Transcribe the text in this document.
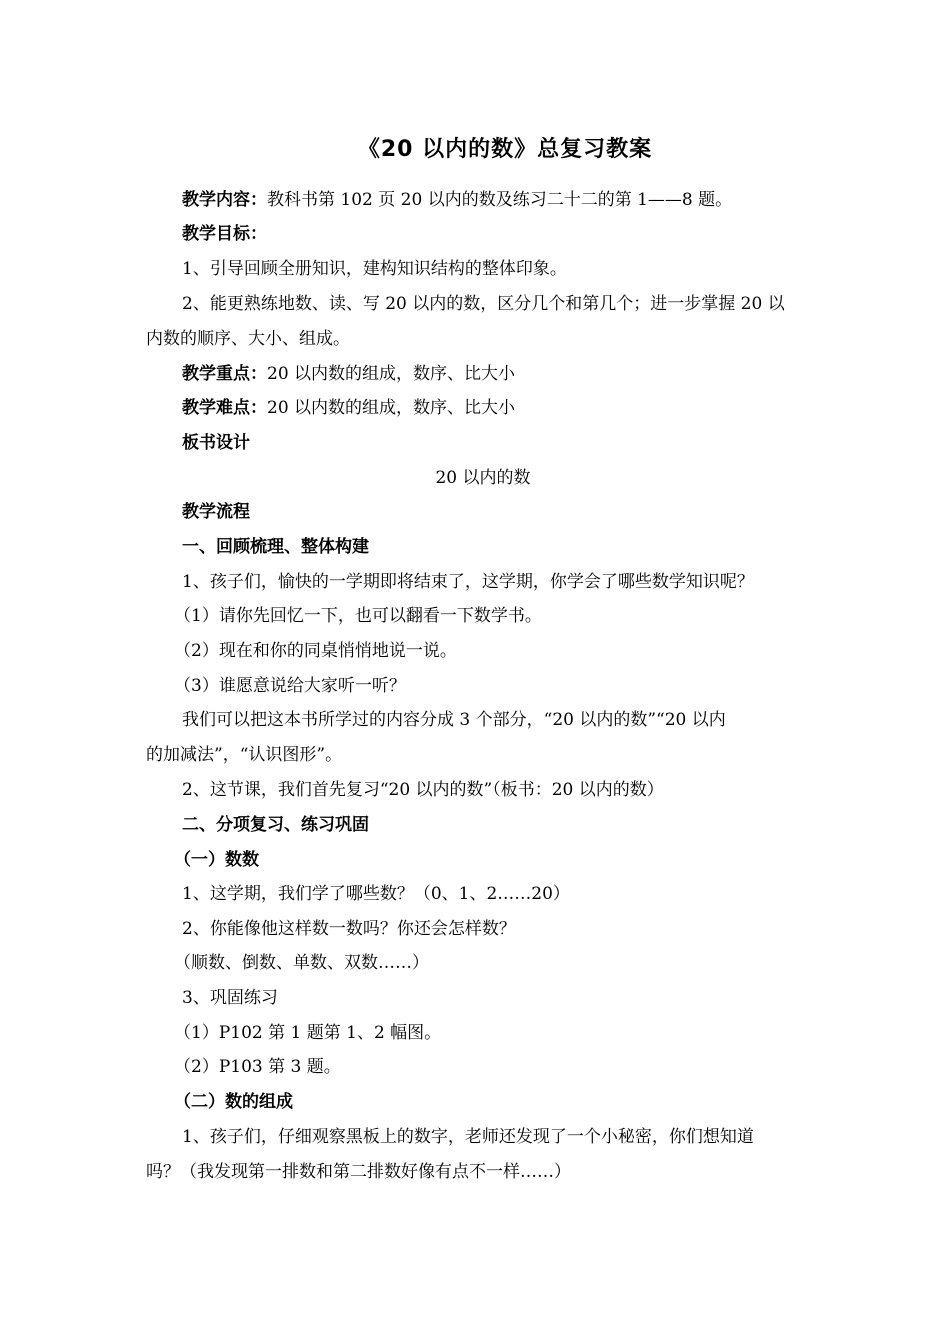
《20 以内的数》总复习教案
教学内容：教科书第 102 页 20 以内的数及练习二十二的第 1——8 题。
教学目标：
1、引导回顾全册知识，建构知识结构的整体印象。
2、能更熟练地数、读、写 20 以内的数，区分几个和第几个；进一步掌握 20 以
内数的顺序、大小、组成。
教学重点：20 以内数的组成，数序、比大小
教学难点：20 以内数的组成，数序、比大小
板书设计
20 以内的数
教学流程
一、回顾梳理、整体构建
1、孩子们，愉快的一学期即将结束了，这学期，你学会了哪些数学知识呢？
（1）请你先回忆一下，也可以翻看一下数学书。
（2）现在和你的同桌悄悄地说一说。
（3）谁愿意说给大家听一听？
我们可以把这本书所学过的内容分成 3 个部分，“20 以内的数”“20 以内
的加减法”，“认识图形”。
2、这节课，我们首先复习“20 以内的数”（板书：20 以内的数）
二、分项复习、练习巩固
（一）数数
1、这学期，我们学了哪些数？（0、1、2……20）
2、你能像他这样数一数吗？你还会怎样数？
（顺数、倒数、单数、双数……）
3、巩固练习
（1）P102 第 1 题第 1、2 幅图。
（2）P103 第 3 题。
（二）数的组成
1、孩子们，仔细观察黑板上的数字，老师还发现了一个小秘密，你们想知道
吗？（我发现第一排数和第二排数好像有点不一样……）
